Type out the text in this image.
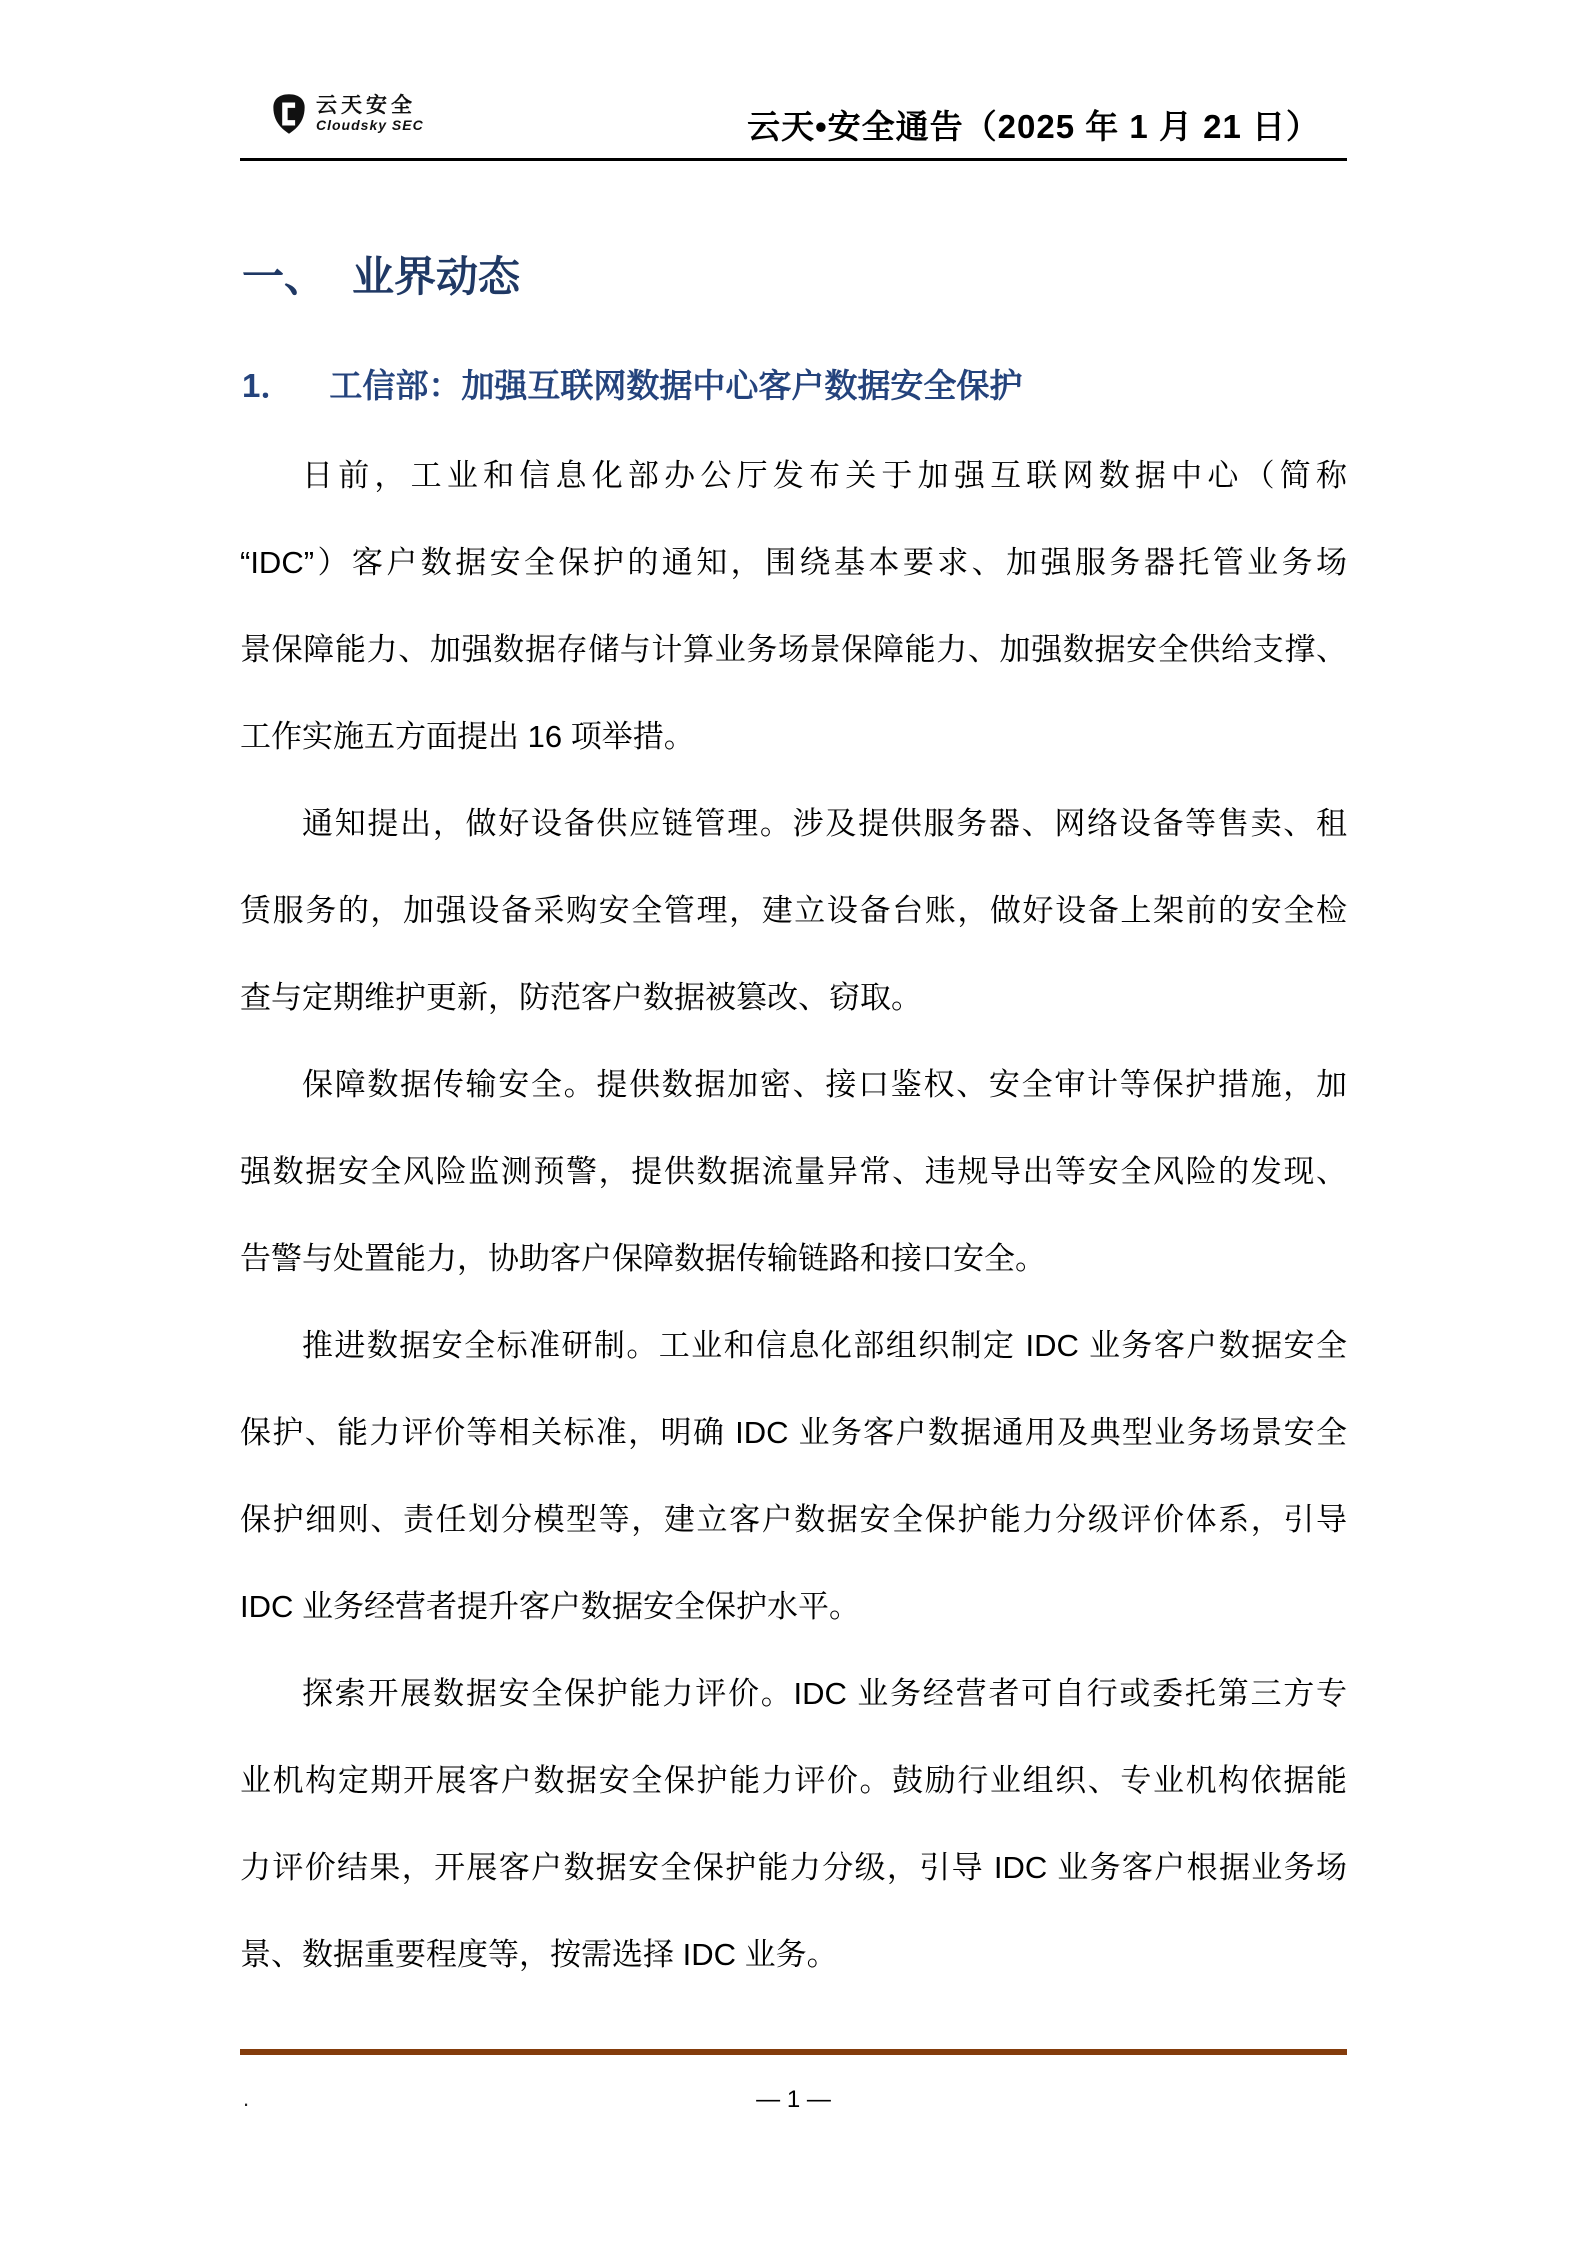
云天安全
Cloudsky SEC	云天•安全通告（2025 年 1 月 21 日）
一、 业界动态
1． 工信部：加强互联网数据中心客户数据安全保护
日前，工业和信息化部办公厅发布关于加强互联网数据中心（简称
“IDC”）客户数据安全保护的通知，围绕基本要求、加强服务器托管业务场
景保障能力、加强数据存储与计算业务场景保障能力、加强数据安全供给支撑、
工作实施五方面提出 16 项举措。
通知提出，做好设备供应链管理。涉及提供服务器、网络设备等售卖、租
赁服务的，加强设备采购安全管理，建立设备台账，做好设备上架前的安全检
查与定期维护更新，防范客户数据被篡改、窃取。
保障数据传输安全。提供数据加密、接口鉴权、安全审计等保护措施，加
强数据安全风险监测预警，提供数据流量异常、违规导出等安全风险的发现、
告警与处置能力，协助客户保障数据传输链路和接口安全。
推进数据安全标准研制。工业和信息化部组织制定 IDC 业务客户数据安全
保护、能力评价等相关标准，明确 IDC 业务客户数据通用及典型业务场景安全
保护细则、责任划分模型等，建立客户数据安全保护能力分级评价体系，引导
IDC 业务经营者提升客户数据安全保护水平。
探索开展数据安全保护能力评价。IDC 业务经营者可自行或委托第三方专
业机构定期开展客户数据安全保护能力评价。鼓励行业组织、专业机构依据能
力评价结果，开展客户数据安全保护能力分级，引导 IDC 业务客户根据业务场
景、数据重要程度等，按需选择 IDC 业务。
.	— 1 —
